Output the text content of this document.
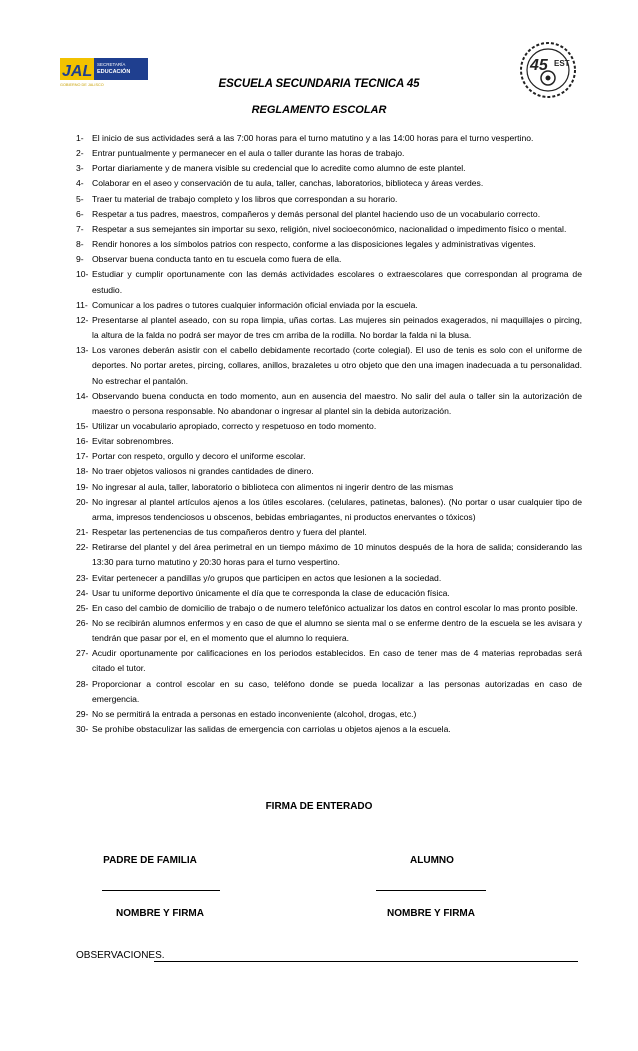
JAL SECRETARÍA
EDUCACIÓN
GOBIERNO DE JALISCO
45 EST
ESCUELA SECUNDARIA TECNICA 45
REGLAMENTO ESCOLAR
1- El inicio de sus actividades será a las 7:00 horas para el turno matutino y a las 14:00 horas para el turno vespertino.
2- Entrar puntualmente y permanecer en el aula o taller durante las horas de trabajo.
3- Portar diariamente y de manera visible su credencial que lo acredite como alumno de este plantel.
4- Colaborar en el aseo y conservación de tu aula, taller, canchas, laboratorios, biblioteca y áreas verdes.
5- Traer tu material de trabajo completo y los libros que correspondan a su horario.
6- Respetar a tus padres, maestros, compañeros y demás personal del plantel haciendo uso de un vocabulario correcto.
7- Respetar a sus semejantes sin importar su sexo, religión, nivel socioeconómico, nacionalidad o impedimento físico o mental.
8- Rendir honores a los símbolos patrios con respecto, conforme a las disposiciones legales y administrativas vigentes.
9- Observar buena conducta tanto en tu escuela como fuera de ella.
10- Estudiar y cumplir oportunamente con las demás actividades escolares o extraescolares que correspondan al programa de estudio.
11- Comunicar a los padres o tutores cualquier información oficial enviada por la escuela.
12- Presentarse al plantel aseado, con su ropa limpia, uñas cortas. Las mujeres sin peinados exagerados, ni maquillajes o pircing, la altura de la falda no podrá ser mayor de tres cm arriba de la rodilla. No bordar la falda ni la blusa.
13- Los varones deberán asistir con el cabello debidamente recortado (corte colegial). El uso de tenis es solo con el uniforme de deportes. No portar aretes, pircing, collares, anillos, brazaletes u otro objeto que den una imagen inadecuada a tu personalidad. No estrechar el pantalón.
14- Observando buena conducta en todo momento, aun en ausencia del maestro. No salir del aula o taller sin la autorización de maestro o persona responsable. No abandonar o ingresar al plantel sin la debida autorización.
15- Utilizar un vocabulario apropiado, correcto y respetuoso en todo momento.
16- Evitar sobrenombres.
17- Portar con respeto, orgullo y decoro el uniforme escolar.
18- No traer objetos valiosos ni grandes cantidades de dinero.
19- No ingresar al aula, taller, laboratorio o biblioteca con alimentos ni ingerir dentro de las mismas
20- No ingresar al plantel artículos ajenos a los útiles escolares. (celulares, patinetas, balones). (No portar o usar cualquier tipo de arma, impresos tendenciosos u obscenos, bebidas embriagantes, ni productos enervantes o tóxicos)
21- Respetar las pertenencias de tus compañeros dentro y fuera del plantel.
22- Retirarse del plantel y del área perimetral en un tiempo máximo de 10 minutos después de la hora de salida; considerando las 13:30 para turno matutino y 20:30 horas para el turno vespertino.
23- Evitar pertenecer a pandillas y/o grupos que participen en actos que lesionen a la sociedad.
24- Usar tu uniforme deportivo únicamente el día que te corresponda la clase de educación física.
25- En caso del cambio de domicilio de trabajo o de numero telefónico actualizar los datos en control escolar lo mas pronto posible.
26- No se recibirán alumnos enfermos y en caso de que el alumno se sienta mal o se enferme dentro de la escuela se les avisara y tendrán que pasar por el, en el momento que el alumno lo requiera.
27- Acudir oportunamente por calificaciones en los periodos establecidos. En caso de tener mas de 4 materias reprobadas será citado el tutor.
28- Proporcionar a control escolar en su caso, teléfono donde se pueda localizar a las personas autorizadas en caso de emergencia.
29- No se permitirá la entrada a personas en estado inconveniente (alcohol, drogas, etc.)
30- Se prohíbe obstaculizar las salidas de emergencia con carriolas u objetos ajenos a la escuela.
FIRMA DE ENTERADO
PADRE DE FAMILIA	ALUMNO
NOMBRE Y FIRMA	NOMBRE Y FIRMA
OBSERVACIONES.
